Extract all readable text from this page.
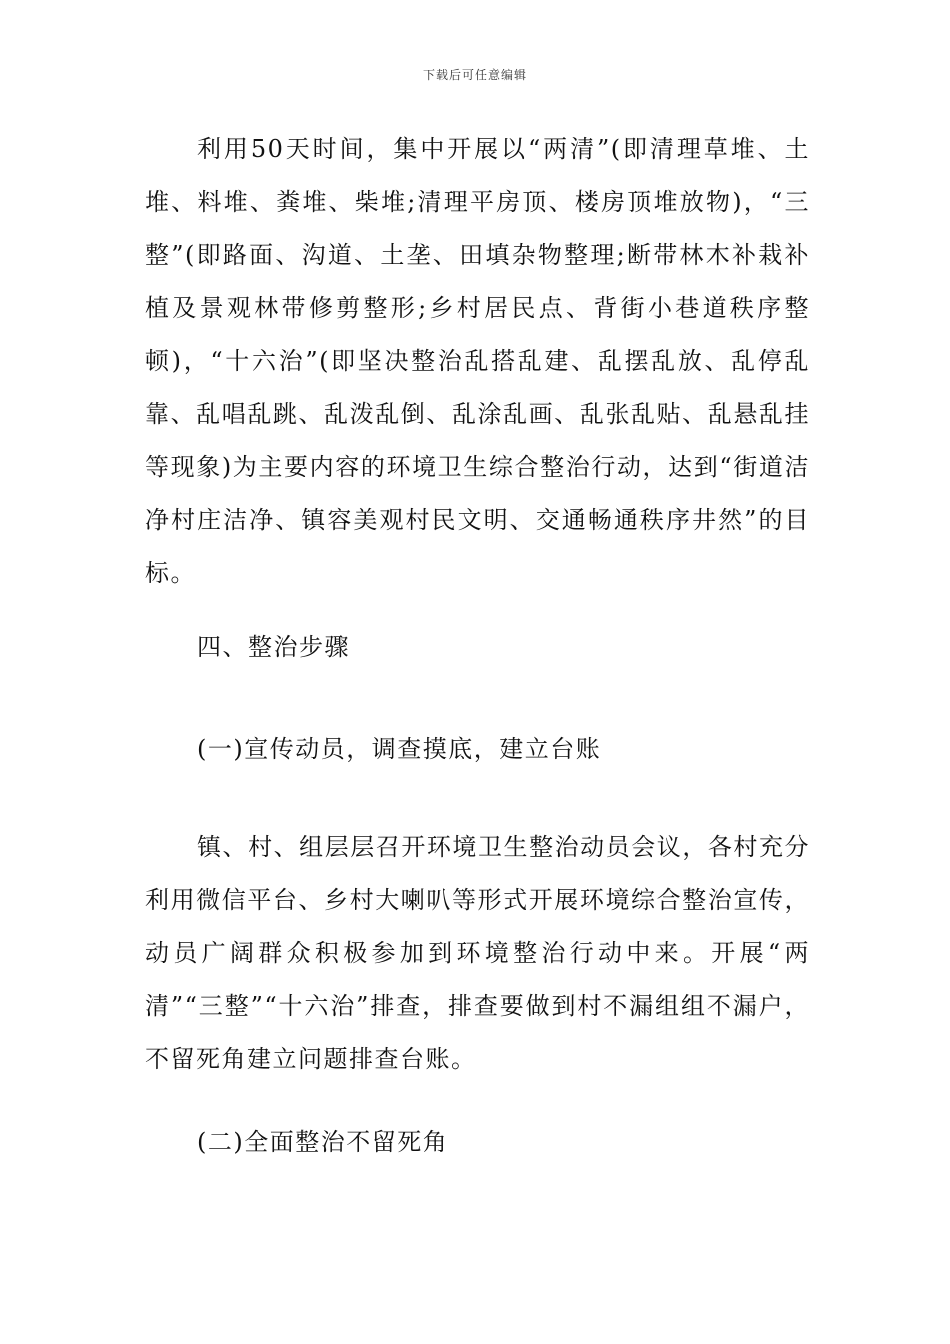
下载后可任意编辑

利用50天时间，集中开展以“两清”(即清理草堆、土堆、料堆、粪堆、柴堆;清理平房顶、楼房顶堆放物)，“三整”(即路面、沟道、土垄、田填杂物整理;断带林木补栽补植及景观林带修剪整形;乡村居民点、背街小巷道秩序整顿)，“十六治”(即坚决整治乱搭乱建、乱摆乱放、乱停乱靠、乱唱乱跳、乱泼乱倒、乱涂乱画、乱张乱贴、乱悬乱挂等现象)为主要内容的环境卫生综合整治行动，达到“街道洁净村庄洁净、镇容美观村民文明、交通畅通秩序井然”的目标。

四、整治步骤

(一)宣传动员，调查摸底，建立台账

镇、村、组层层召开环境卫生整治动员会议，各村充分利用微信平台、乡村大喇叭等形式开展环境综合整治宣传，动员广阔群众积极参加到环境整治行动中来。开展“两清”“三整”“十六治”排查，排查要做到村不漏组组不漏户，不留死角建立问题排查台账。

(二)全面整治不留死角
